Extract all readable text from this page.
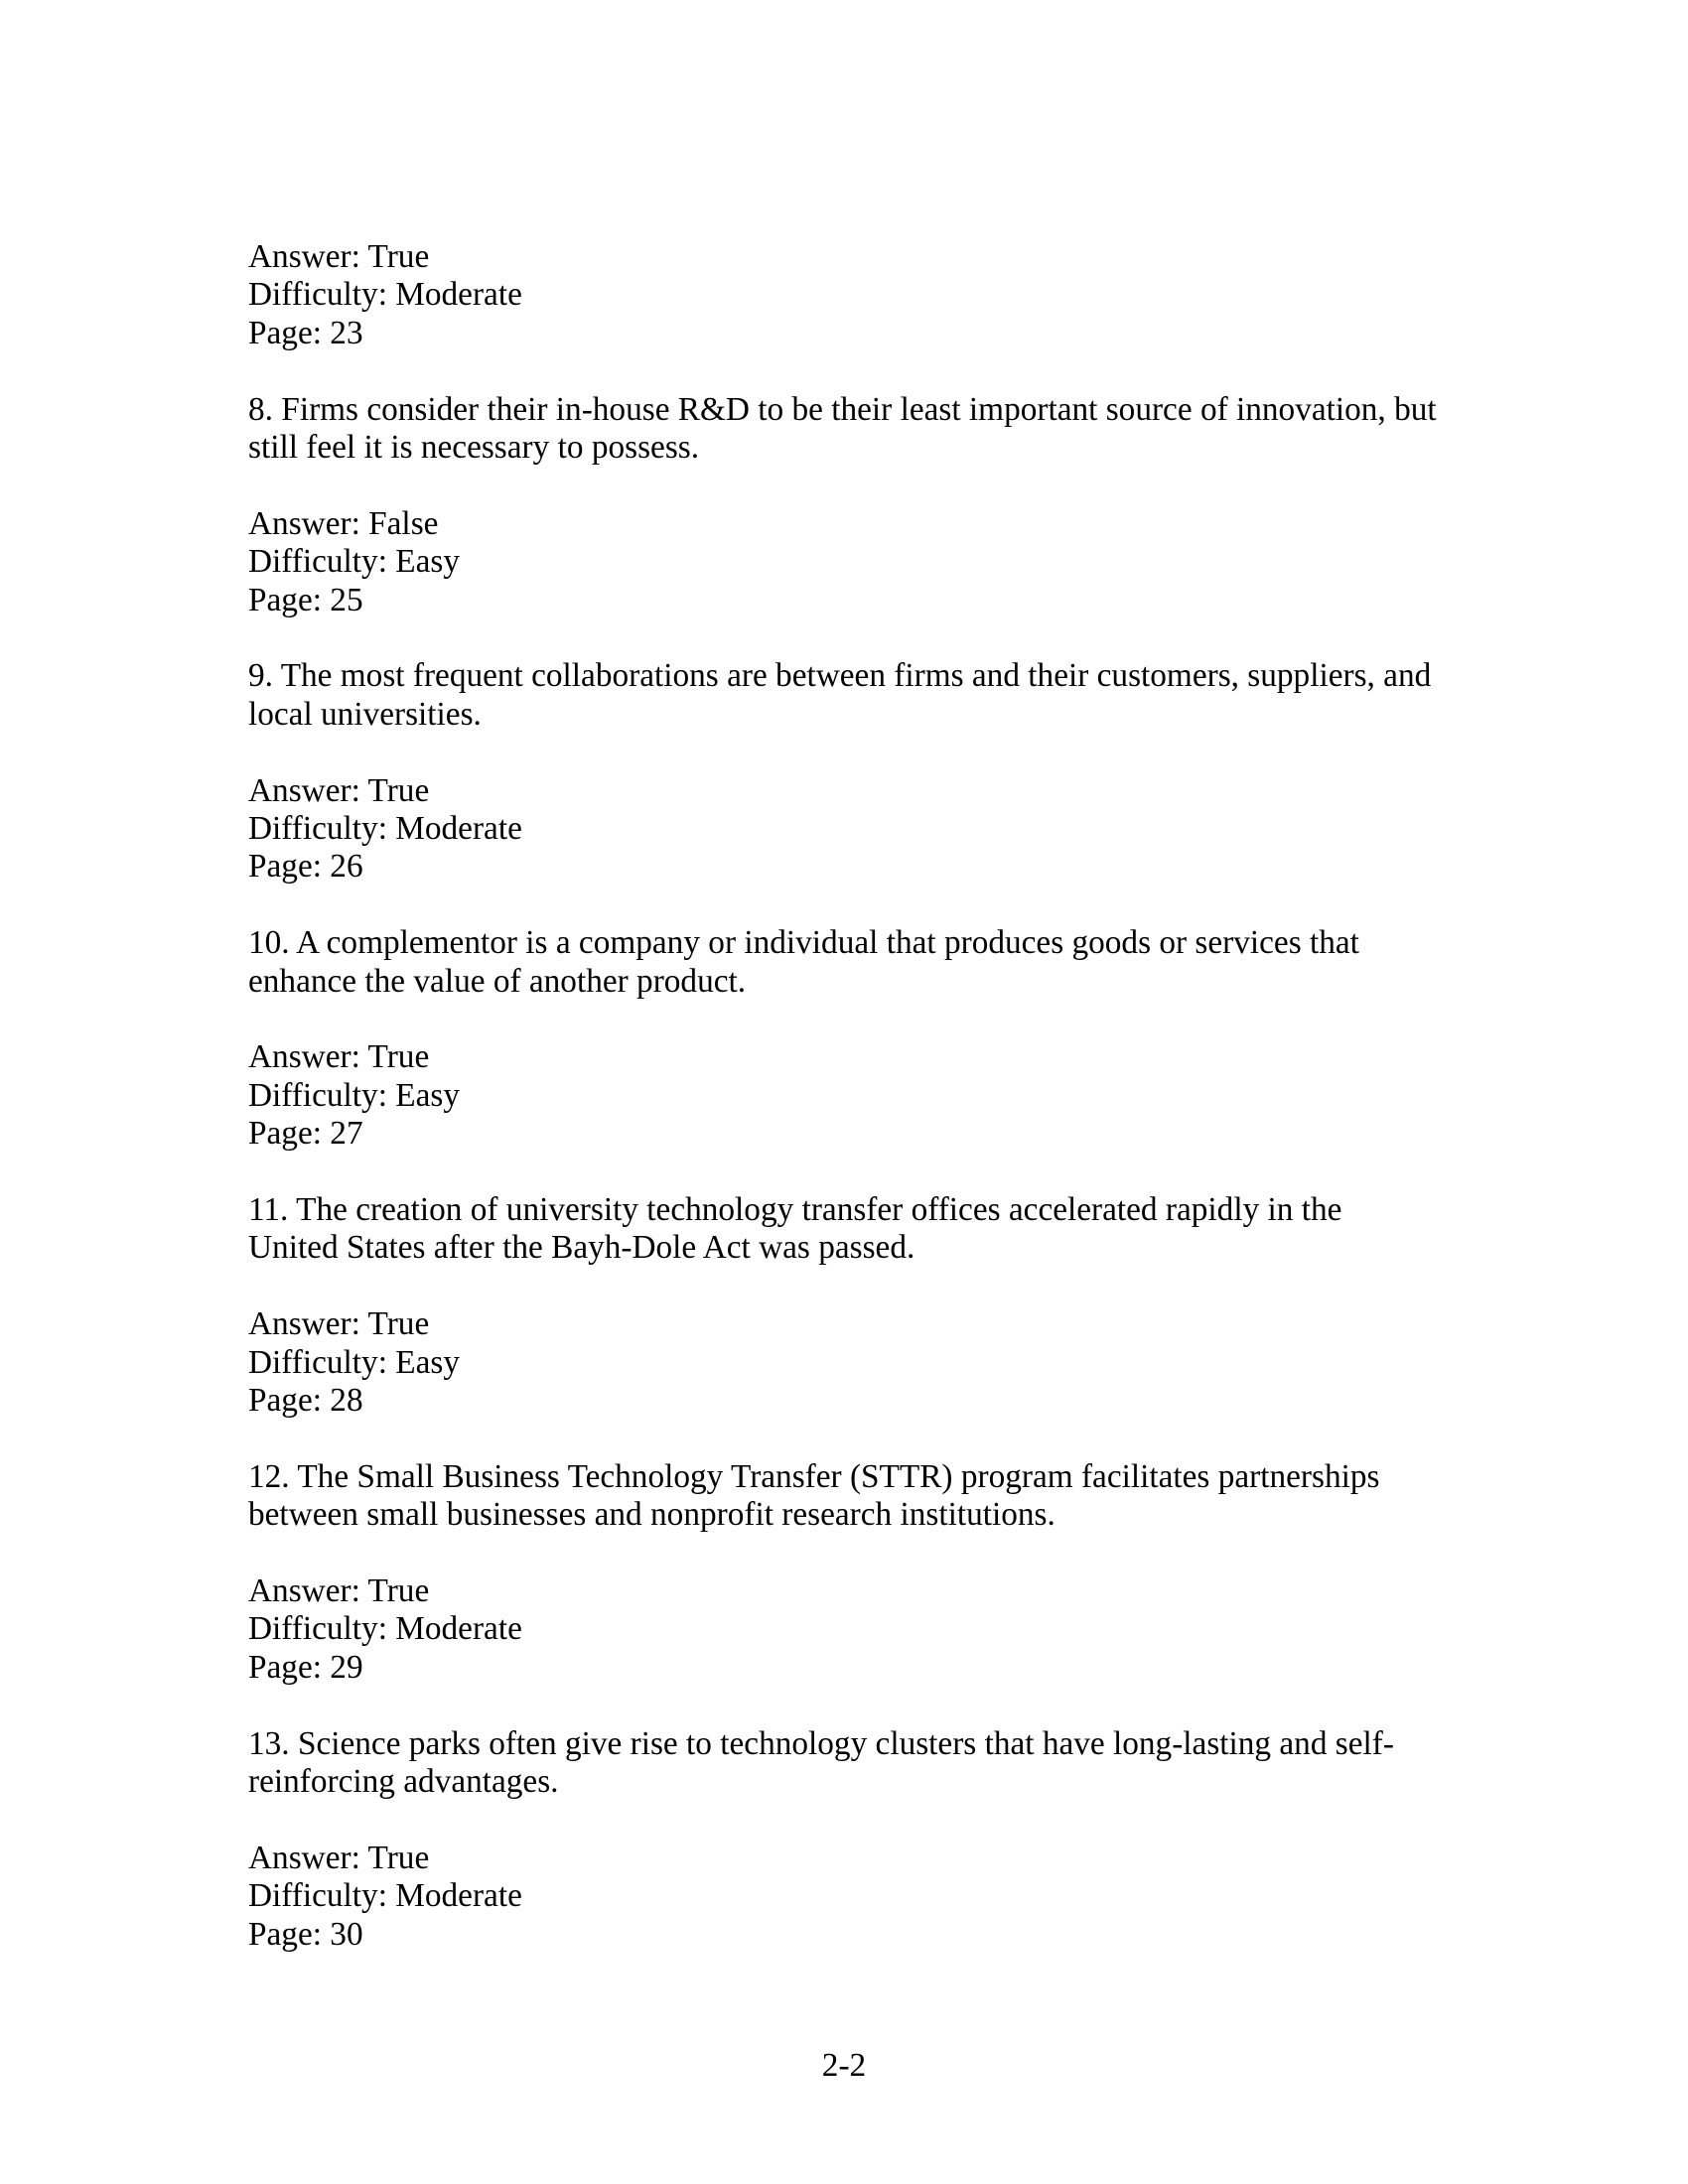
Answer: True
Difficulty: Moderate
Page: 23
8. Firms consider their in-house R&D to be their least important source of innovation, but
still feel it is necessary to possess.
Answer: False
Difficulty: Easy
Page: 25
9. The most frequent collaborations are between firms and their customers, suppliers, and
local universities.
Answer: True
Difficulty: Moderate
Page: 26
10. A complementor is a company or individual that produces goods or services that
enhance the value of another product.
Answer: True
Difficulty: Easy
Page: 27
11. The creation of university technology transfer offices accelerated rapidly in the
United States after the Bayh-Dole Act was passed.
Answer: True
Difficulty: Easy
Page: 28
12. The Small Business Technology Transfer (STTR) program facilitates partnerships
between small businesses and nonprofit research institutions.
Answer: True
Difficulty: Moderate
Page: 29
13. Science parks often give rise to technology clusters that have long-lasting and self-
reinforcing advantages.
Answer: True
Difficulty: Moderate
Page: 30
2-2
